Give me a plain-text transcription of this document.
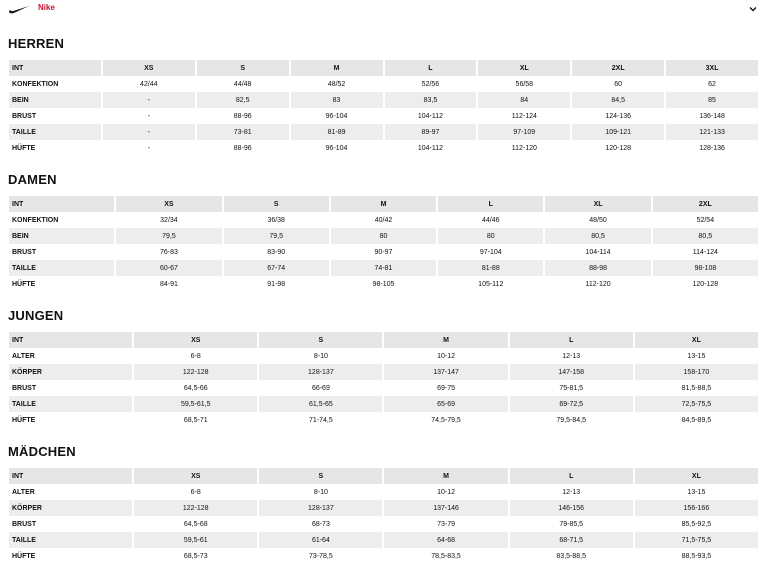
Nike
HERREN
INT	XS	S	M	L	XL	2XL	3XL
KONFEKTION	42/44	44/48	48/52	52/56	56/58	60	62
BEIN	-	82,5	83	83,5	84	84,5	85
BRUST	-	88-96	96-104	104-112	112-124	124-136	136-148
TAILLE	-	73-81	81-89	89-97	97-109	109-121	121-133
HÜFTE	-	88-96	96-104	104-112	112-120	120-128	128-136
DAMEN
INT	XS	S	M	L	XL	2XL
KONFEKTION	32/34	36/38	40/42	44/46	48/50	52/54
BEIN	79,5	79,5	80	80	80,5	80,5
BRUST	76-83	83-90	90-97	97-104	104-114	114-124
TAILLE	60-67	67-74	74-81	81-88	88-98	98-108
HÜFTE	84-91	91-98	98-105	105-112	112-120	120-128
JUNGEN
INT	XS	S	M	L	XL
ALTER	6-8	8-10	10-12	12-13	13-15
KÖRPER	122-128	128-137	137-147	147-158	158-170
BRUST	64,5-66	66-69	69-75	75-81,5	81,5-88,5
TAILLE	59,5-61,5	61,5-65	65-69	69-72,5	72,5-75,5
HÜFTE	68,5-71	71-74,5	74,5-79,5	79,5-84,5	84,5-89,5
MÄDCHEN
INT	XS	S	M	L	XL
ALTER	6-8	8-10	10-12	12-13	13-15
KÖRPER	122-128	128-137	137-146	146-156	156-166
BRUST	64,5-68	68-73	73-79	79-85,5	85,5-92,5
TAILLE	59,5-61	61-64	64-68	68-71,5	71,5-75,5
HÜFTE	68,5-73	73-78,5	78,5-83,5	83,5-88,5	88,5-93,5
